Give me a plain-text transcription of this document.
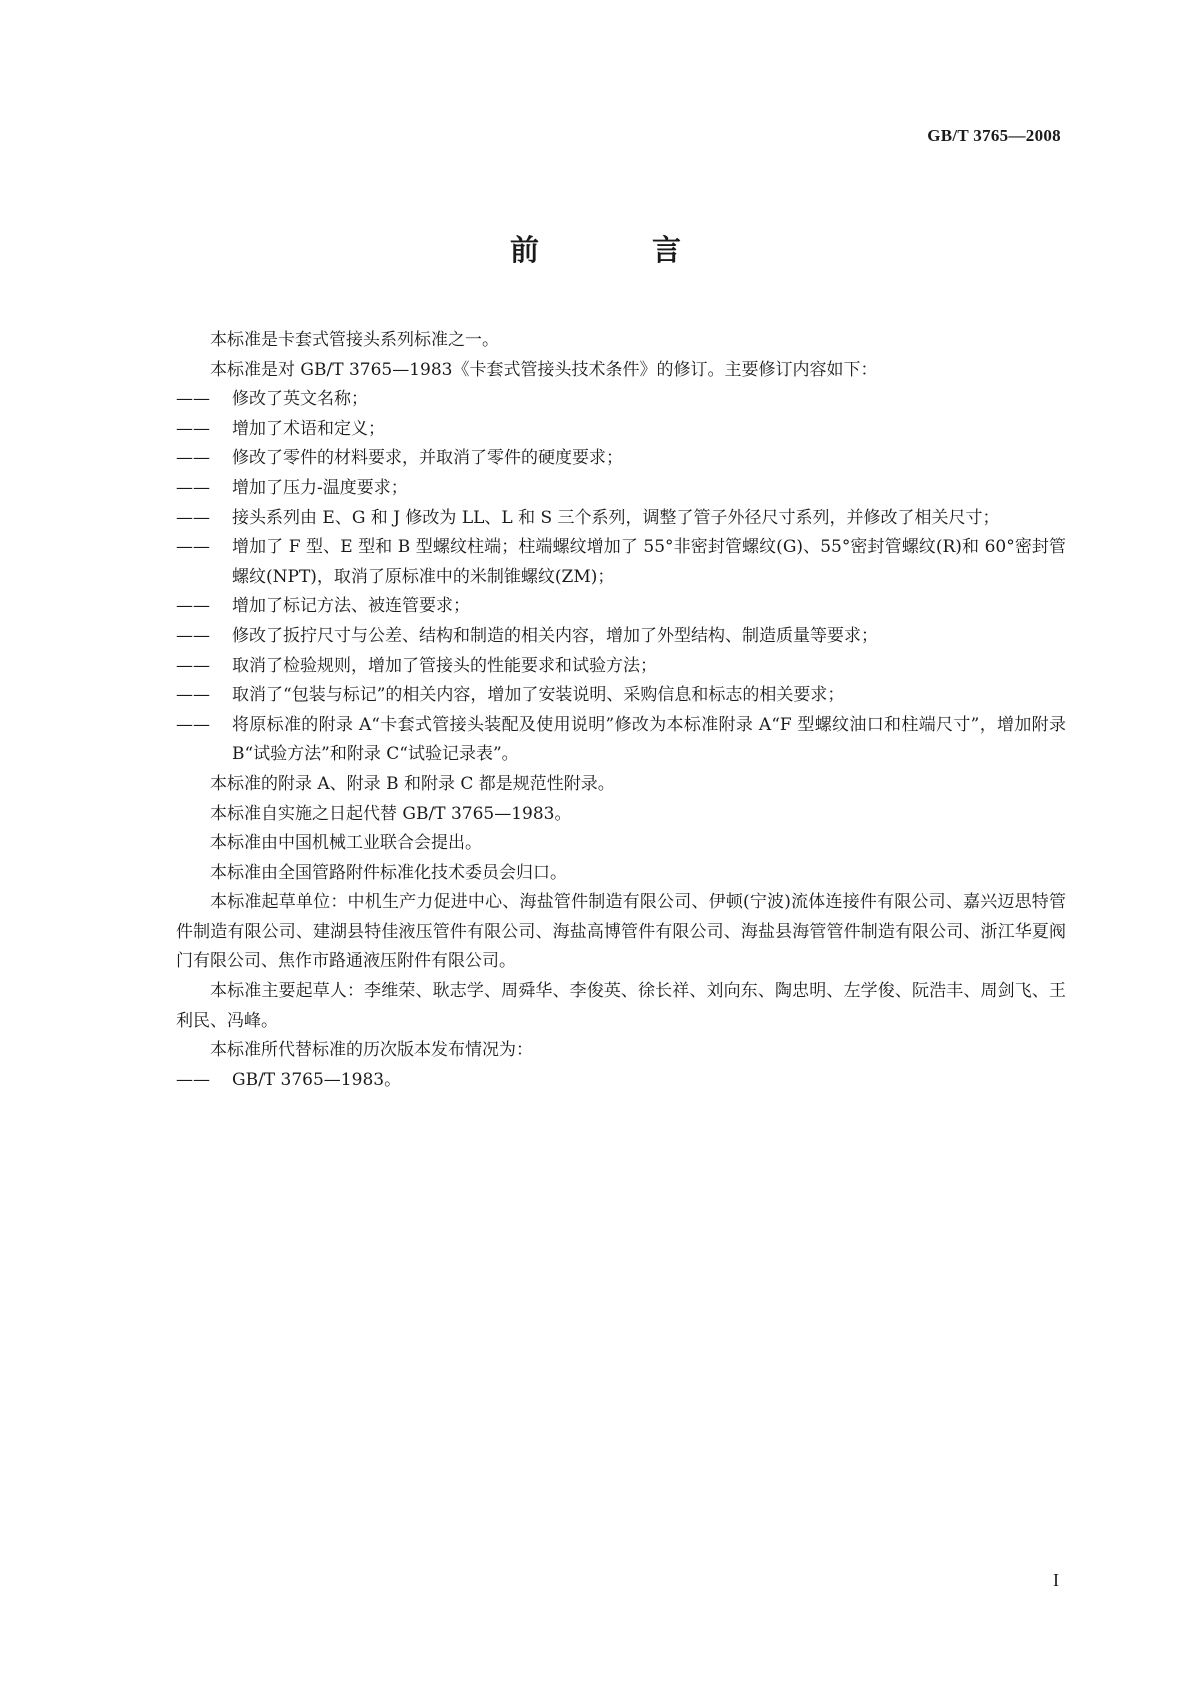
GB/T 3765—2008
前　言

本标准是卡套式管接头系列标准之一。

本标准是对 GB/T 3765—1983《卡套式管接头技术条件》的修订。主要修订内容如下：

——	修改了英文名称；
——	增加了术语和定义；
——	修改了零件的材料要求，并取消了零件的硬度要求；
——	增加了压力-温度要求；
——	接头系列由 E、G 和 J 修改为 LL、L 和 S 三个系列，调整了管子外径尺寸系列，并修改了相关尺寸；
——	增加了 F 型、E 型和 B 型螺纹柱端；柱端螺纹增加了 55°非密封管螺纹(G)、55°密封管螺纹(R)和 60°密封管螺纹(NPT)，取消了原标准中的米制锥螺纹(ZM)；
——	增加了标记方法、被连管要求；
——	修改了扳拧尺寸与公差、结构和制造的相关内容，增加了外型结构、制造质量等要求；
——	取消了检验规则，增加了管接头的性能要求和试验方法；
——	取消了“包装与标记”的相关内容，增加了安装说明、采购信息和标志的相关要求；
——	将原标准的附录 A“卡套式管接头装配及使用说明”修改为本标准附录 A“F 型螺纹油口和柱端尺寸”，增加附录 B“试验方法”和附录 C“试验记录表”。

本标准的附录 A、附录 B 和附录 C 都是规范性附录。

本标准自实施之日起代替 GB/T 3765—1983。

本标准由中国机械工业联合会提出。

本标准由全国管路附件标准化技术委员会归口。

本标准起草单位：中机生产力促进中心、海盐管件制造有限公司、伊顿(宁波)流体连接件有限公司、嘉兴迈思特管件制造有限公司、建湖县特佳液压管件有限公司、海盐高博管件有限公司、海盐县海管管件制造有限公司、浙江华夏阀门有限公司、焦作市路通液压附件有限公司。

本标准主要起草人：李维荣、耿志学、周舜华、李俊英、徐长祥、刘向东、陶忠明、左学俊、阮浩丰、周剑飞、王利民、冯峰。

本标准所代替标准的历次版本发布情况为：

——	GB/T 3765—1983。
I
